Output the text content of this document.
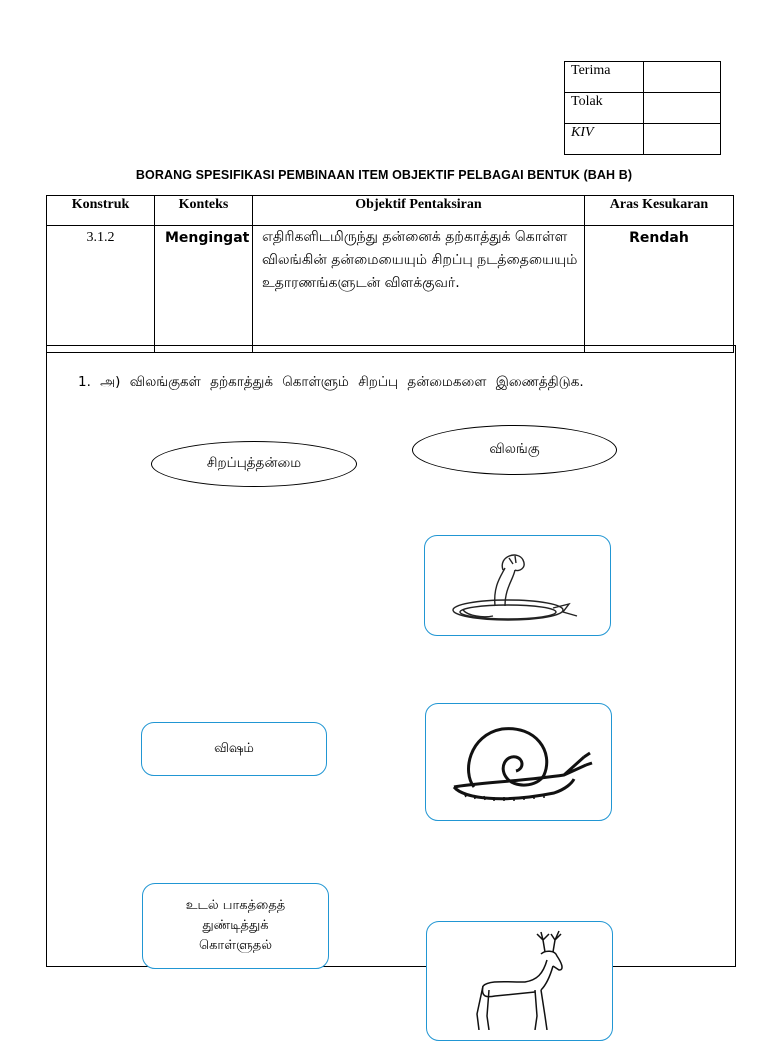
Terima	
Tolak	
KIV	
BORANG SPESIFIKASI PEMBINAAN ITEM OBJEKTIF PELBAGAI BENTUK (BAH B)
Konstruk	Konteks	Objektif Pentaksiran	Aras Kesukaran
3.1.2	Mengingat	எதிரிகளிடமிருந்து தன்னைக் தற்காத்துக் கொள்ள விலங்கின் தன்மையையும் சிறப்பு நடத்தையையும் உதாரணங்களுடன் விளக்குவர்.	Rendah
1. அ) விலங்குகள் தற்காத்துக் கொள்ளும் சிறப்பு தன்மைகளை இணைத்திடுக.
சிறப்புத்தன்மை
விலங்கு
விஷம்
உடல் பாகத்தைத் துண்டித்துக் கொள்ளுதல்
